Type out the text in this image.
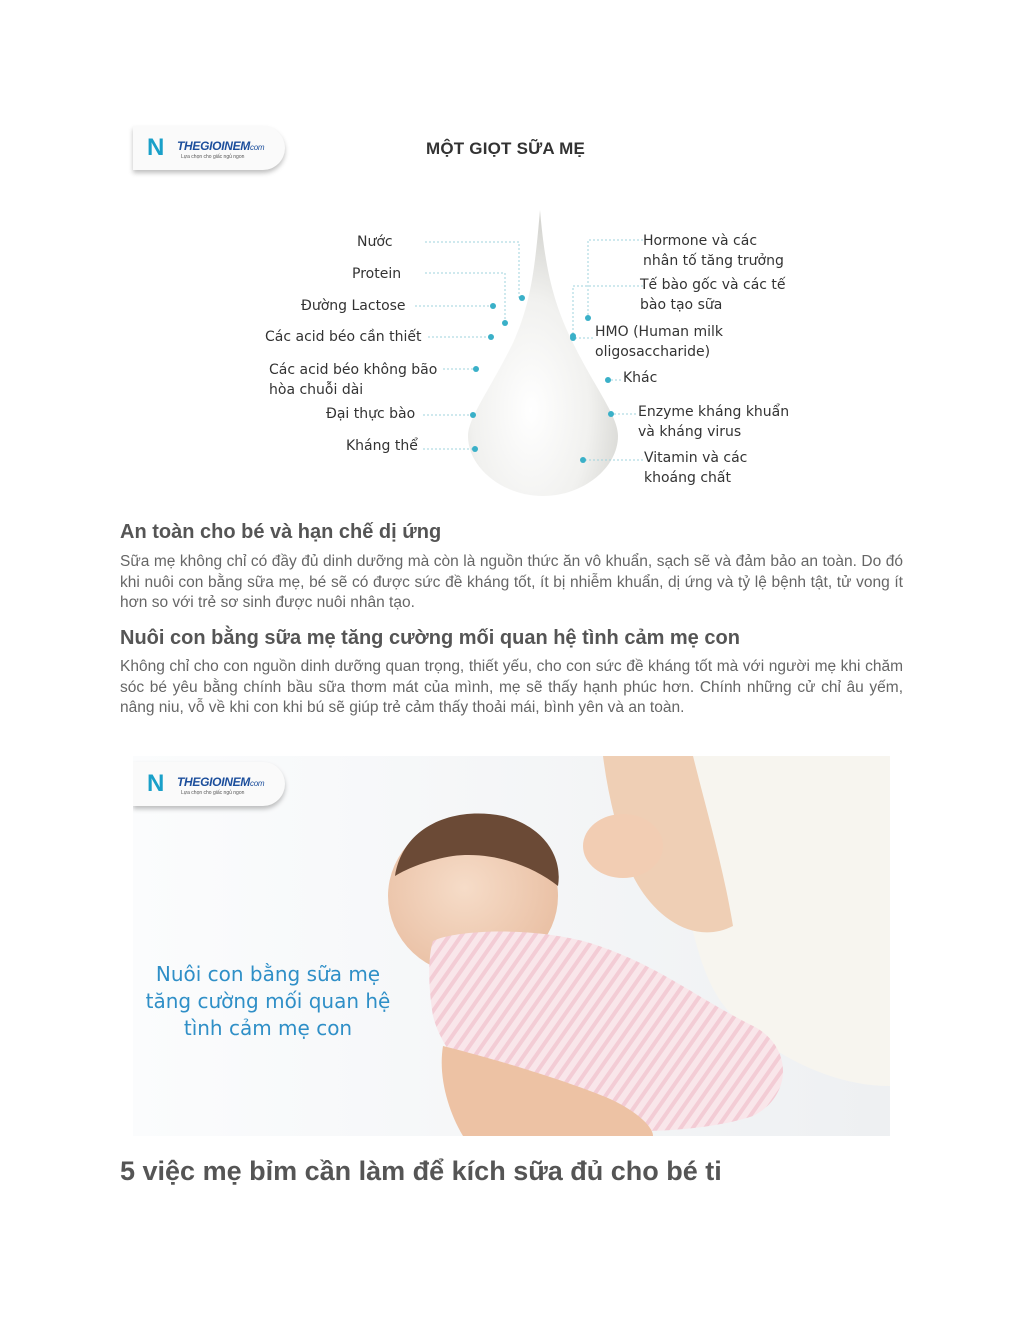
N THEGIOINEMcom
Lựa chọn cho giấc ngủ ngon	MỘT GIỌT SỮA MẸ
Nước
Protein
Đường Lactose
Các acid béo cần thiết
Các acid béo không bão
hòa chuỗi dài
Đại thực bào
Kháng thể
Hormone và các
nhân tố tăng trưởng
Tế bào gốc và các tế
bào tạo sữa
HMO (Human milk
oligosaccharide)
Khác
Enzyme kháng khuẩn
và kháng virus
Vitamin và các
khoáng chất
An toàn cho bé và hạn chế dị ứng

Sữa mẹ không chỉ có đầy đủ dinh dưỡng mà còn là nguồn thức ăn vô khuẩn, sạch sẽ và đảm bảo an toàn. Do đó khi nuôi con bằng sữa mẹ, bé sẽ có được sức đề kháng tốt, ít bị nhiễm khuẩn, dị ứng và tỷ lệ bệnh tật, tử vong ít hơn so với trẻ sơ sinh được nuôi nhân tạo.

Nuôi con bằng sữa mẹ tăng cường mối quan hệ tình cảm mẹ con

Không chỉ cho con nguồn dinh dưỡng quan trọng, thiết yếu, cho con sức đề kháng tốt mà với người mẹ khi chăm sóc bé yêu bằng chính bầu sữa thơm mát của mình, mẹ sẽ thấy hạnh phúc hơn. Chính những cử chỉ âu yếm, nâng niu, vỗ về khi con khi bú sẽ giúp trẻ cảm thấy thoải mái, bình yên và an toàn.

N THEGIOINEMcom
Lựa chọn cho giấc ngủ ngon
Nuôi con bằng sữa mẹ
tăng cường mối quan hệ
tình cảm mẹ con
5 việc mẹ bỉm cần làm để kích sữa đủ cho bé ti
